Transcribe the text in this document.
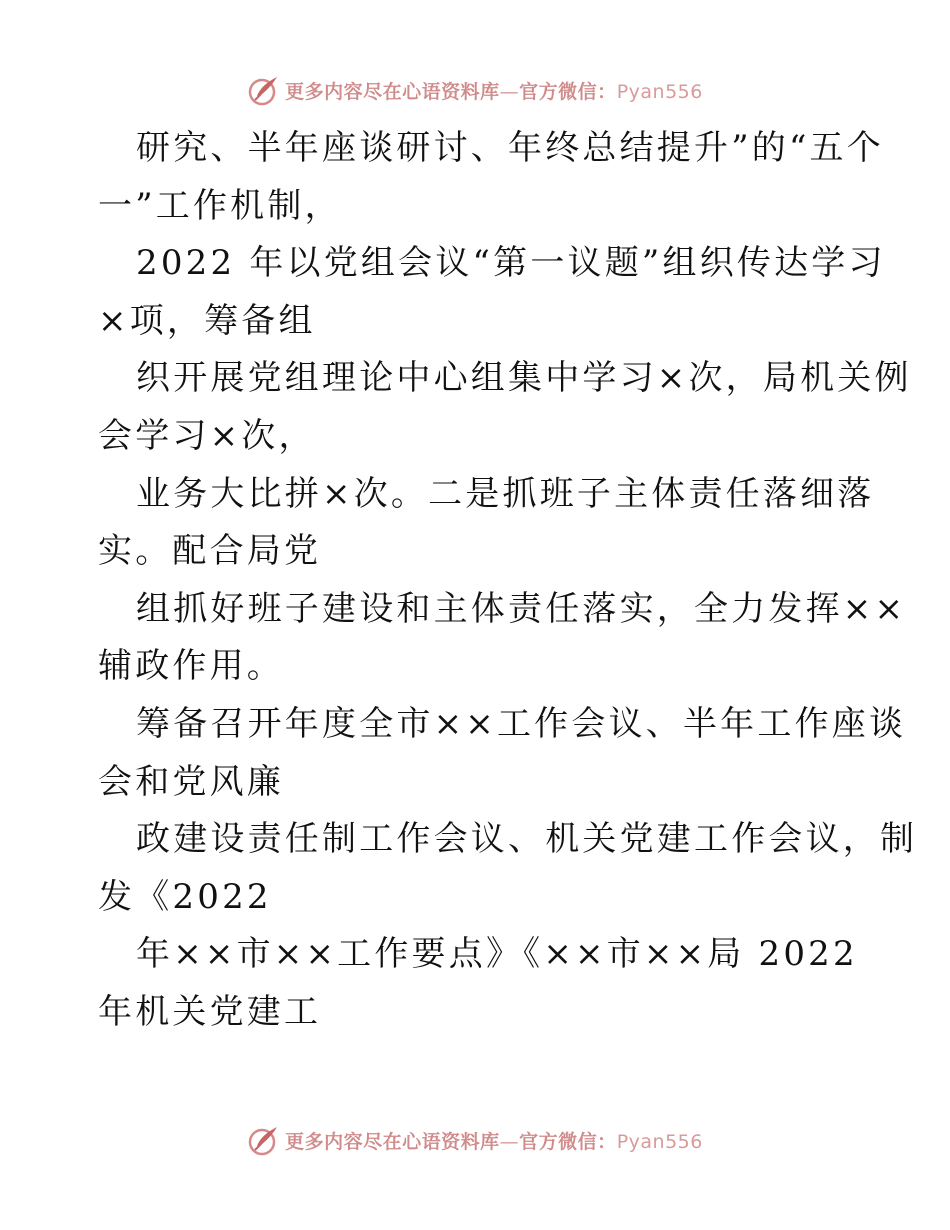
更多内容尽在心语资料库—官方微信：Pyan556
研究、半年座谈研讨、年终总结提升”的“五个
一”工作机制，
2022 年以党组会议“第一议题”组织传达学习
×项，筹备组
织开展党组理论中心组集中学习×次，局机关例
会学习×次，
业务大比拼×次。二是抓班子主体责任落细落
实。配合局党
组抓好班子建设和主体责任落实，全力发挥××
辅政作用。
筹备召开年度全市××工作会议、半年工作座谈
会和党风廉
政建设责任制工作会议、机关党建工作会议，制
发《2022
年××市××工作要点》《××市××局 2022
年机关党建工
更多内容尽在心语资料库—官方微信：Pyan556
